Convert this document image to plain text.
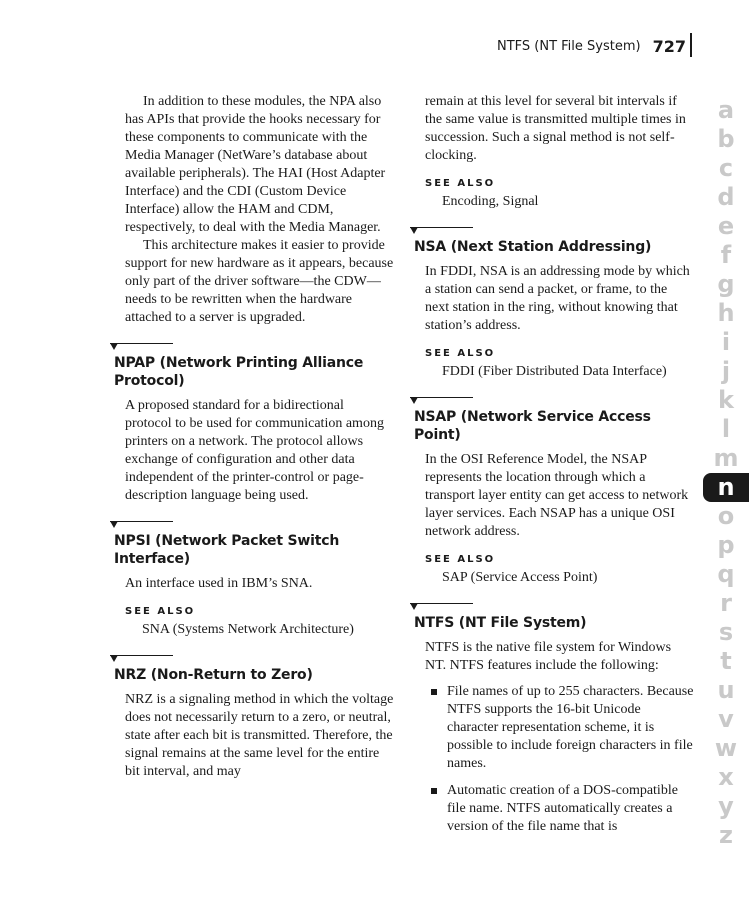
NTFS (NT File System) 727

In addition to these modules, the NPA also has APIs that provide the hooks necessary for these components to communicate with the Media Manager (NetWare’s database about available peripherals). The HAI (Host Adapter Interface) and the CDI (Custom Device Interface) allow the HAM and CDM, respectively, to deal with the Media Manager.

This architecture makes it easier to provide support for new hardware as it appears, because only part of the driver software—the CDW—needs to be rewritten when the hardware attached to a server is upgraded.

NPAP (Network Printing Alliance Protocol)

A proposed standard for a bidirectional protocol to be used for communication among printers on a network. The protocol allows exchange of configuration and other data independent of the printer-control or page-description language being used.

NPSI (Network Packet Switch Interface)

An interface used in IBM’s SNA.

SEE ALSO

SNA (Systems Network Architecture)

NRZ (Non-Return to Zero)

NRZ is a signaling method in which the voltage does not necessarily return to a zero, or neutral, state after each bit is transmitted. Therefore, the signal remains at the same level for the entire bit interval, and may

remain at this level for several bit intervals if the same value is transmitted multiple times in succession. Such a signal method is not self-clocking.

SEE ALSO

Encoding, Signal

NSA (Next Station Addressing)

In FDDI, NSA is an addressing mode by which a station can send a packet, or frame, to the next station in the ring, without knowing that station’s address.

SEE ALSO

FDDI (Fiber Distributed Data Interface)

NSAP (Network Service Access Point)

In the OSI Reference Model, the NSAP represents the location through which a transport layer entity can get access to network layer services. Each NSAP has a unique OSI network address.

SEE ALSO

SAP (Service Access Point)

NTFS (NT File System)

NTFS is the native file system for Windows NT. NTFS features include the following:

File names of up to 255 characters. Because NTFS supports the 16-bit Unicode character representation scheme, it is possible to include foreign characters in file names.
Automatic creation of a DOS-compatible file name. NTFS automatically creates a version of the file name that is
a
b
c
d
e
f
g
h
i
j
k
l
m
n
o
p
q
r
s
t
u
v
w
x
y
z
